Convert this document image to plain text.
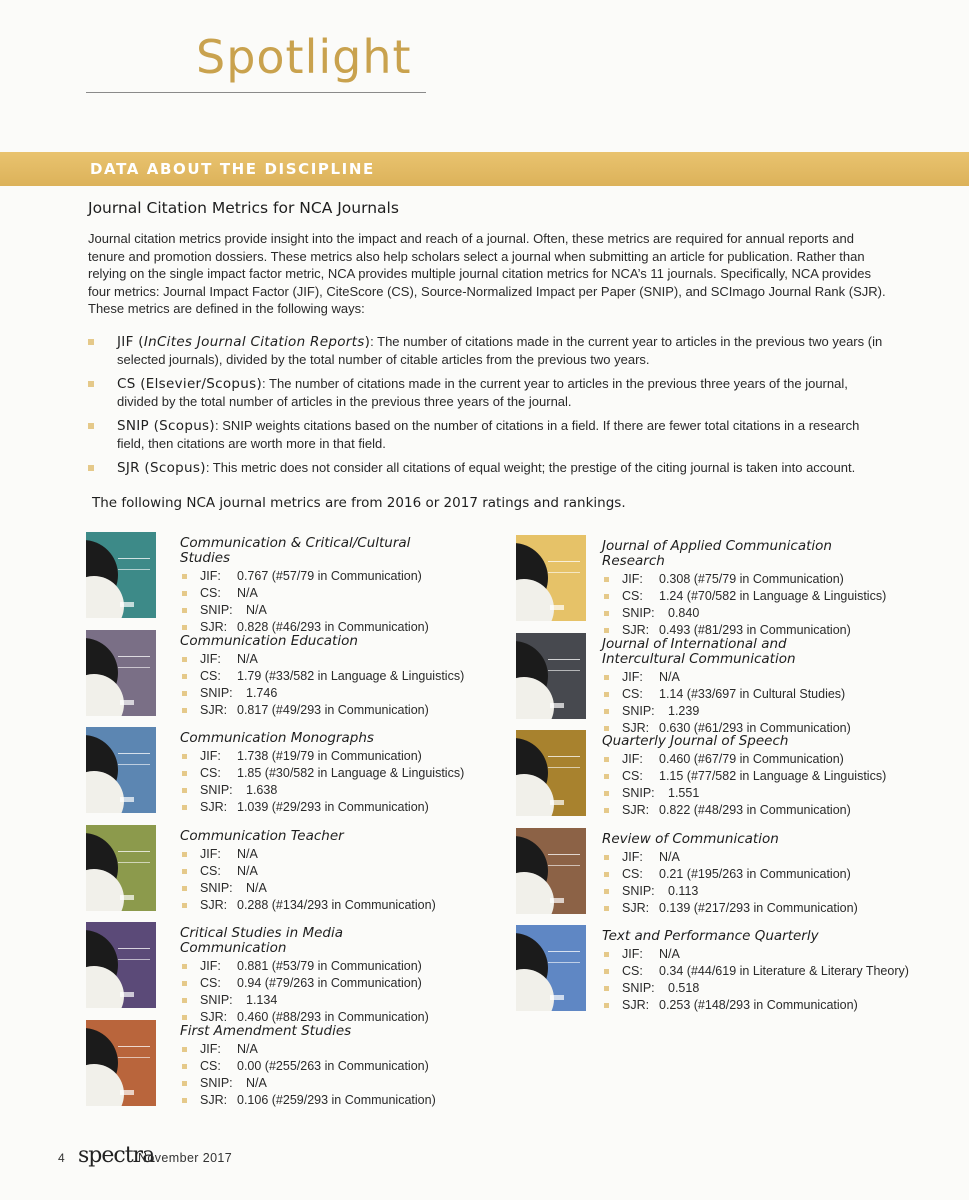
Spotlight
DATA ABOUT THE DISCIPLINE
Journal Citation Metrics for NCA Journals

Journal citation metrics provide insight into the impact and reach of a journal. Often, these metrics are required for annual reports and tenure and promotion dossiers. These metrics also help scholars select a journal when submitting an article for publication. Rather than relying on the single impact factor metric, NCA provides multiple journal citation metrics for NCA’s 11 journals. Specifically, NCA provides four metrics: Journal Impact Factor (JIF), CiteScore (CS), Source-Normalized Impact per Paper (SNIP), and SCImago Journal Rank (SJR). These metrics are defined in the following ways:

JIF (InCites Journal Citation Reports): The number of citations made in the current year to articles in the previous two years (in selected journals), divided by the total number of citable articles from the previous two years.
CS (Elsevier/Scopus): The number of citations made in the current year to articles in the previous three years of the journal, divided by the total number of articles in the previous three years of the journal.
SNIP (Scopus): SNIP weights citations based on the number of citations in a field. If there are fewer total citations in a research field, then citations are worth more in that field.
SJR (Scopus): This metric does not consider all citations of equal weight; the prestige of the citing journal is taken into account.
The following NCA journal metrics are from 2016 or 2017 ratings and rankings.
Communication & Critical/Cultural Studies
JIF: 0.767 (#57/79 in Communication)
CS: N/A
SNIP: N/A
SJR: 0.828 (#46/293 in Communication)
Communication Education
JIF: N/A
CS: 1.79 (#33/582 in Language & Linguistics)
SNIP: 1.746
SJR: 0.817 (#49/293 in Communication)
Communication Monographs
JIF: 1.738 (#19/79 in Communication)
CS: 1.85 (#30/582 in Language & Linguistics)
SNIP: 1.638
SJR: 1.039 (#29/293 in Communication)
Communication Teacher
JIF: N/A
CS: N/A
SNIP: N/A
SJR: 0.288 (#134/293 in Communication)
Critical Studies in Media Communication
JIF: 0.881 (#53/79 in Communication)
CS: 0.94 (#79/263 in Communication)
SNIP: 1.134
SJR: 0.460 (#88/293 in Communication)
First Amendment Studies
JIF: N/A
CS: 0.00 (#255/263 in Communication)
SNIP: N/A
SJR: 0.106 (#259/293 in Communication)
Journal of Applied Communication Research
JIF: 0.308 (#75/79 in Communication)
CS: 1.24 (#70/582 in Language & Linguistics)
SNIP: 0.840
SJR: 0.493 (#81/293 in Communication)
Journal of International and Intercultural Communication
JIF: N/A
CS: 1.14 (#33/697 in Cultural Studies)
SNIP: 1.239
SJR: 0.630 (#61/293 in Communication)
Quarterly Journal of Speech
JIF: 0.460 (#67/79 in Communication)
CS: 1.15 (#77/582 in Language & Linguistics)
SNIP: 1.551
SJR: 0.822 (#48/293 in Communication)
Review of Communication
JIF: N/A
CS: 0.21 (#195/263 in Communication)
SNIP: 0.113
SJR: 0.139 (#217/293 in Communication)
Text and Performance Quarterly
JIF: N/A
CS: 0.34 (#44/619 in Literature & Literary Theory)
SNIP: 0.518
SJR: 0.253 (#148/293 in Communication)
4 spectra
November 2017
